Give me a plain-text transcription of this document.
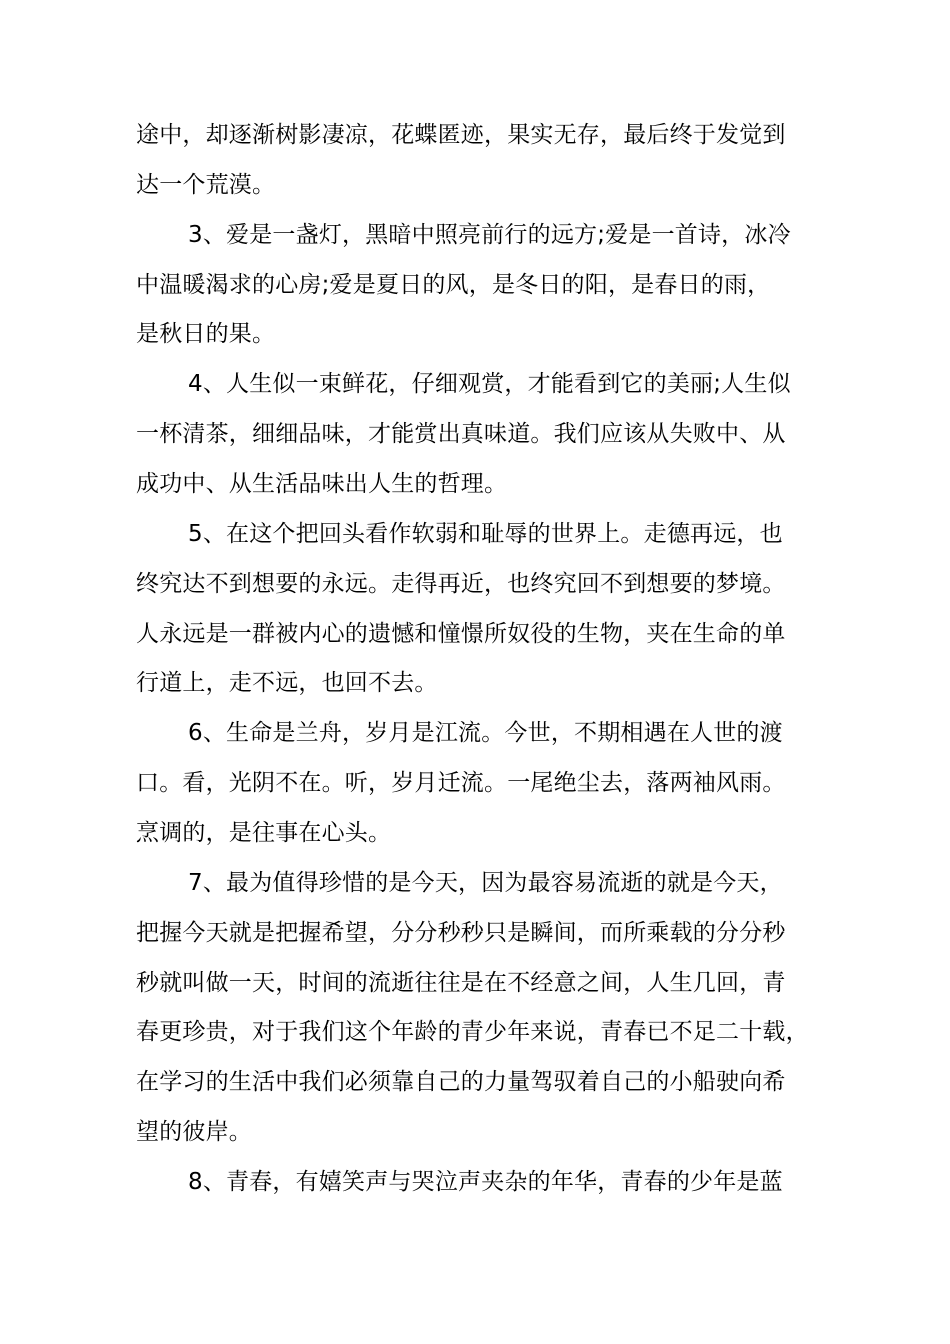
途中，却逐渐树影凄凉，花蝶匿迹，果实无存，最后终于发觉到
达一个荒漠。
3、爱是一盏灯，黑暗中照亮前行的远方;爱是一首诗，冰冷
中温暖渴求的心房;爱是夏日的风，是冬日的阳，是春日的雨，
是秋日的果。
4、人生似一束鲜花，仔细观赏，才能看到它的美丽;人生似
一杯清茶，细细品味，才能赏出真味道。我们应该从失败中、从
成功中、从生活品味出人生的哲理。
5、在这个把回头看作软弱和耻辱的世界上。走德再远，也
终究达不到想要的永远。走得再近，也终究回不到想要的梦境。
人永远是一群被内心的遗憾和憧憬所奴役的生物，夹在生命的单
行道上，走不远，也回不去。
6、生命是兰舟，岁月是江流。今世，不期相遇在人世的渡
口。看，光阴不在。听，岁月迁流。一尾绝尘去，落两袖风雨。
烹调的，是往事在心头。
7、最为值得珍惜的是今天，因为最容易流逝的就是今天，
把握今天就是把握希望，分分秒秒只是瞬间，而所乘载的分分秒
秒就叫做一天，时间的流逝往往是在不经意之间，人生几回，青
春更珍贵，对于我们这个年龄的青少年来说，青春已不足二十载，
在学习的生活中我们必须靠自己的力量驾驭着自己的小船驶向希
望的彼岸。
8、青春，有嬉笑声与哭泣声夹杂的年华，青春的少年是蓝
